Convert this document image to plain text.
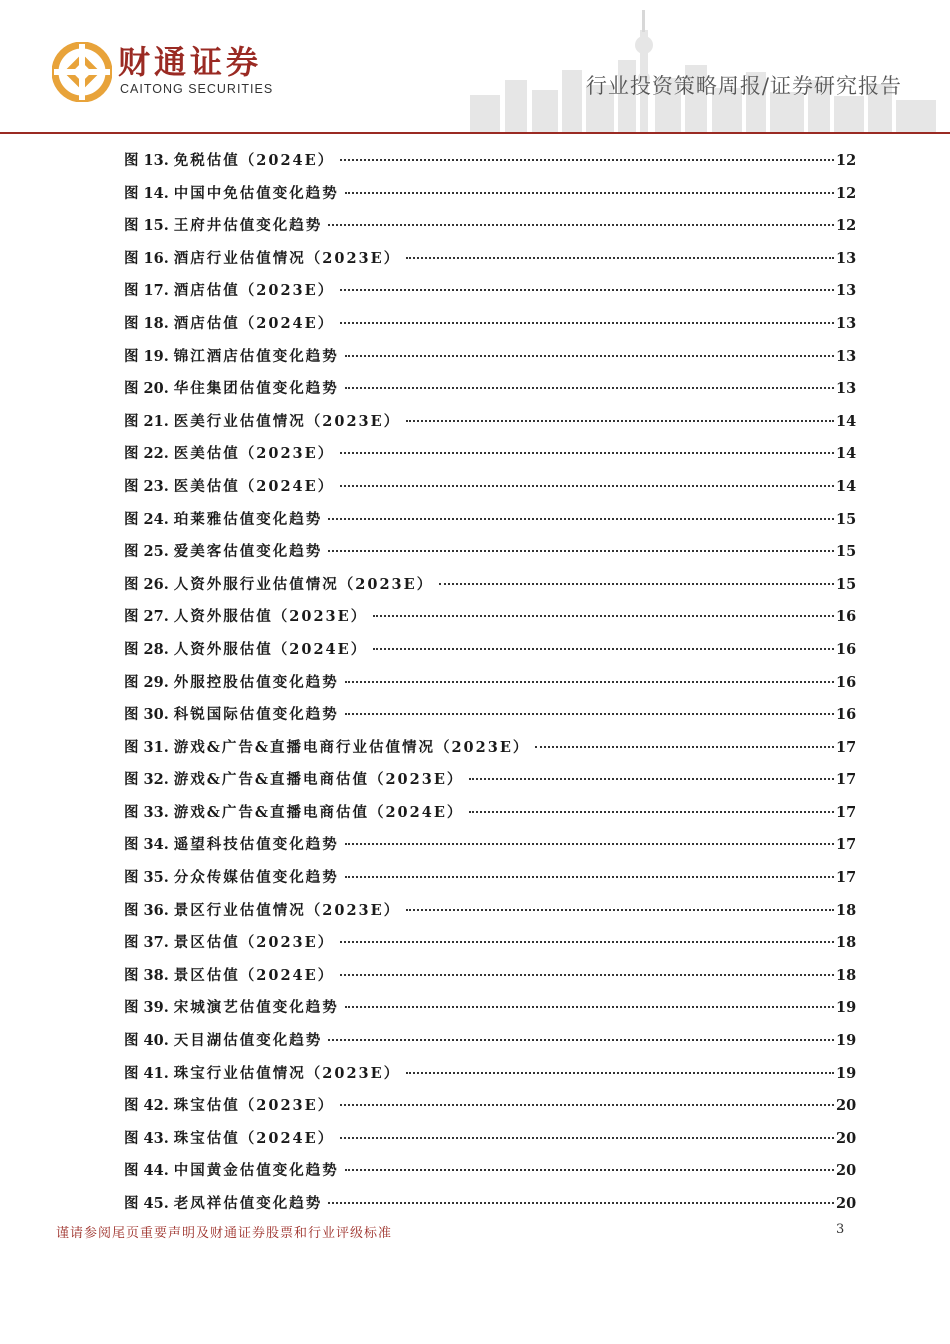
财通证券
CAITONG SECURITIES	行业投资策略周报/证券研究报告
图 13. 免税估值（2024E）	12
图 14. 中国中免估值变化趋势	12
图 15. 王府井估值变化趋势	12
图 16. 酒店行业估值情况（2023E）	13
图 17. 酒店估值（2023E）	13
图 18. 酒店估值（2024E）	13
图 19. 锦江酒店估值变化趋势	13
图 20. 华住集团估值变化趋势	13
图 21. 医美行业估值情况（2023E）	14
图 22. 医美估值（2023E）	14
图 23. 医美估值（2024E）	14
图 24. 珀莱雅估值变化趋势	15
图 25. 爱美客估值变化趋势	15
图 26. 人资外服行业估值情况（2023E）	15
图 27. 人资外服估值（2023E）	16
图 28. 人资外服估值（2024E）	16
图 29. 外服控股估值变化趋势	16
图 30. 科锐国际估值变化趋势	16
图 31. 游戏&广告&直播电商行业估值情况（2023E）	17
图 32. 游戏&广告&直播电商估值（2023E）	17
图 33. 游戏&广告&直播电商估值（2024E）	17
图 34. 遥望科技估值变化趋势	17
图 35. 分众传媒估值变化趋势	17
图 36. 景区行业估值情况（2023E）	18
图 37. 景区估值（2023E）	18
图 38. 景区估值（2024E）	18
图 39. 宋城演艺估值变化趋势	19
图 40. 天目湖估值变化趋势	19
图 41. 珠宝行业估值情况（2023E）	19
图 42. 珠宝估值（2023E）	20
图 43. 珠宝估值（2024E）	20
图 44. 中国黄金估值变化趋势	20
图 45. 老凤祥估值变化趋势	20
谨请参阅尾页重要声明及财通证券股票和行业评级标准	3
